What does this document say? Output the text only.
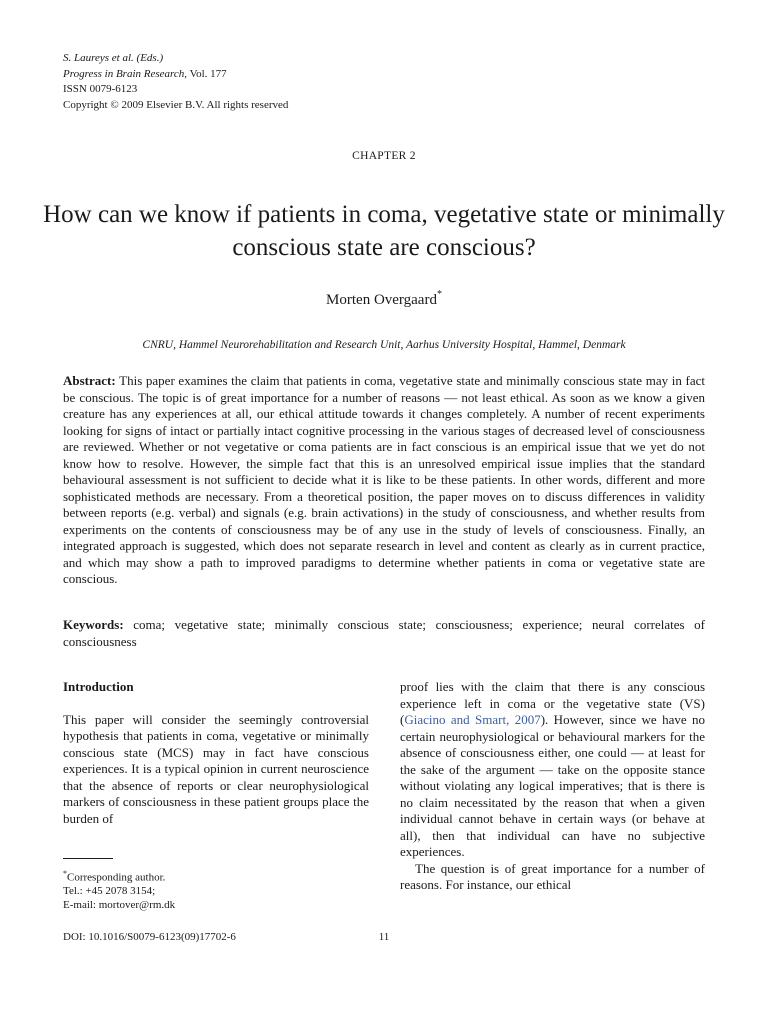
S. Laureys et al. (Eds.)
Progress in Brain Research, Vol. 177
ISSN 0079-6123
Copyright © 2009 Elsevier B.V. All rights reserved
CHAPTER 2
How can we know if patients in coma, vegetative state or minimally conscious state are conscious?
Morten Overgaard*
CNRU, Hammel Neurorehabilitation and Research Unit, Aarhus University Hospital, Hammel, Denmark
Abstract: This paper examines the claim that patients in coma, vegetative state and minimally conscious state may in fact be conscious. The topic is of great importance for a number of reasons — not least ethical. As soon as we know a given creature has any experiences at all, our ethical attitude towards it changes completely. A number of recent experiments looking for signs of intact or partially intact cognitive processing in the various stages of decreased level of consciousness are reviewed. Whether or not vegetative or coma patients are in fact conscious is an empirical issue that we yet do not know how to resolve. However, the simple fact that this is an unresolved empirical issue implies that the standard behavioural assessment is not sufficient to decide what it is like to be these patients. In other words, different and more sophisticated methods are necessary. From a theoretical position, the paper moves on to discuss differences in validity between reports (e.g. verbal) and signals (e.g. brain activations) in the study of consciousness, and whether results from experiments on the contents of consciousness may be of any use in the study of levels of consciousness. Finally, an integrated approach is suggested, which does not separate research in level and content as clearly as in current practice, and which may show a path to improved paradigms to determine whether patients in coma or vegetative state are conscious.
Keywords: coma; vegetative state; minimally conscious state; consciousness; experience; neural correlates of consciousness
Introduction

This paper will consider the seemingly controversial hypothesis that patients in coma, vegetative or minimally conscious state (MCS) may in fact have conscious experiences. It is a typical opinion in current neuroscience that the absence of reports or clear neurophysiological markers of consciousness in these patient groups place the burden of

proof lies with the claim that there is any conscious experience left in coma or the vegetative state (VS) (Giacino and Smart, 2007). However, since we have no certain neurophysiological or behavioural markers for the absence of consciousness either, one could — at least for the sake of the argument — take on the opposite stance without violating any logical imperatives; that is there is no claim necessitated by the reason that when a given individual cannot behave in certain ways (or behave at all), then that individual can have no subjective experiences.

The question is of great importance for a number of reasons. For instance, our ethical

*Corresponding author.
Tel.: +45 2078 3154;
E-mail: mortover@rm.dk
DOI: 10.1016/S0079-6123(09)17702-6	11
